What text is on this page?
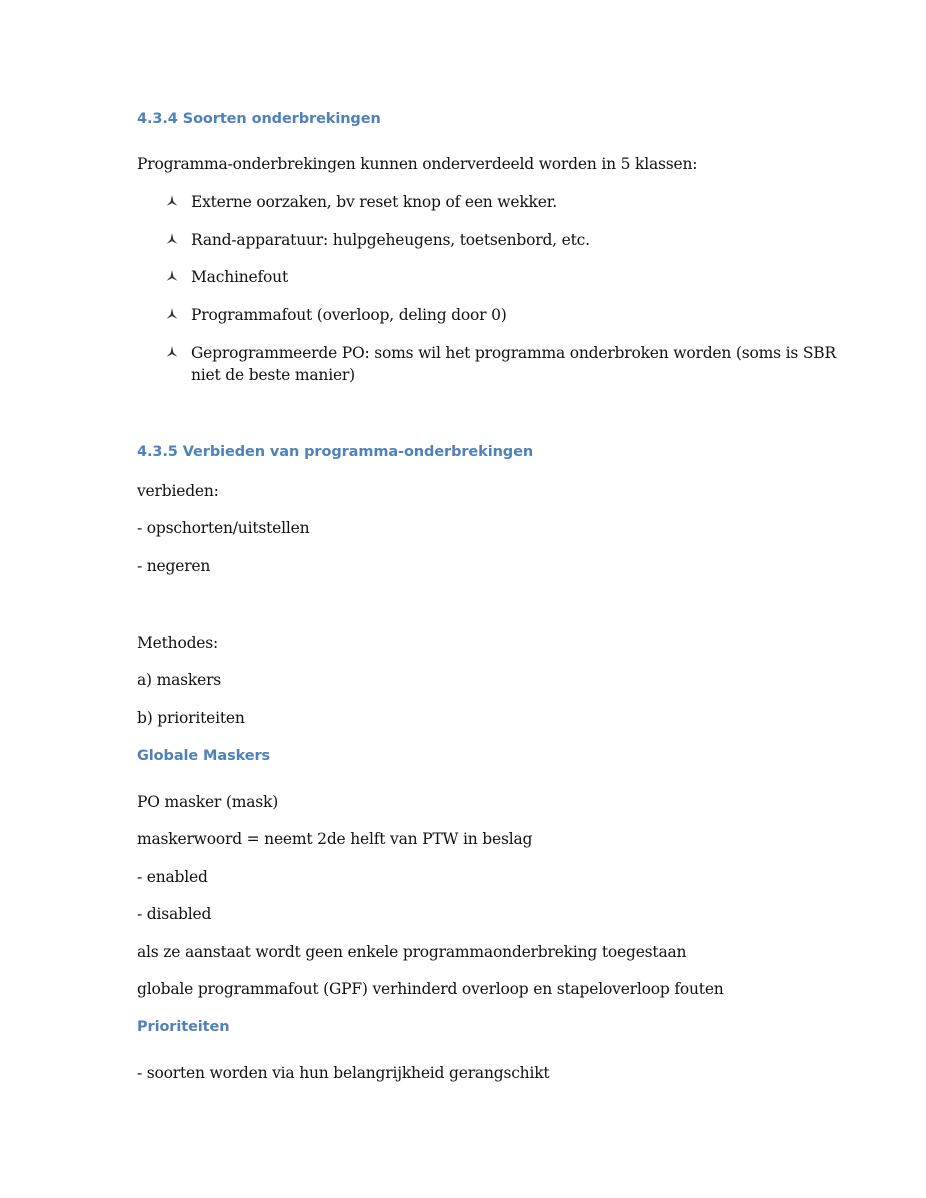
4.3.4 Soorten onderbrekingen

Programma-onderbrekingen kunnen onderverdeeld worden in 5 klassen:

Externe oorzaken, bv reset knop of een wekker.

Rand-apparatuur: hulpgeheugens, toetsenbord, etc.

Machinefout

Programmafout (overloop, deling door 0)

Geprogrammeerde PO: soms wil het programma onderbroken worden (soms is SBR

niet de beste manier)

4.3.5 Verbieden van programma-onderbrekingen

verbieden:

- opschorten/uitstellen

- negeren

Methodes:

a) maskers

b) prioriteiten

Globale Maskers

PO masker (mask)

maskerwoord = neemt 2de helft van PTW in beslag

- enabled

- disabled

als ze aanstaat wordt geen enkele programmaonderbreking toegestaan

globale programmafout (GPF) verhinderd overloop en stapeloverloop fouten

Prioriteiten

- soorten worden via hun belangrijkheid gerangschikt
